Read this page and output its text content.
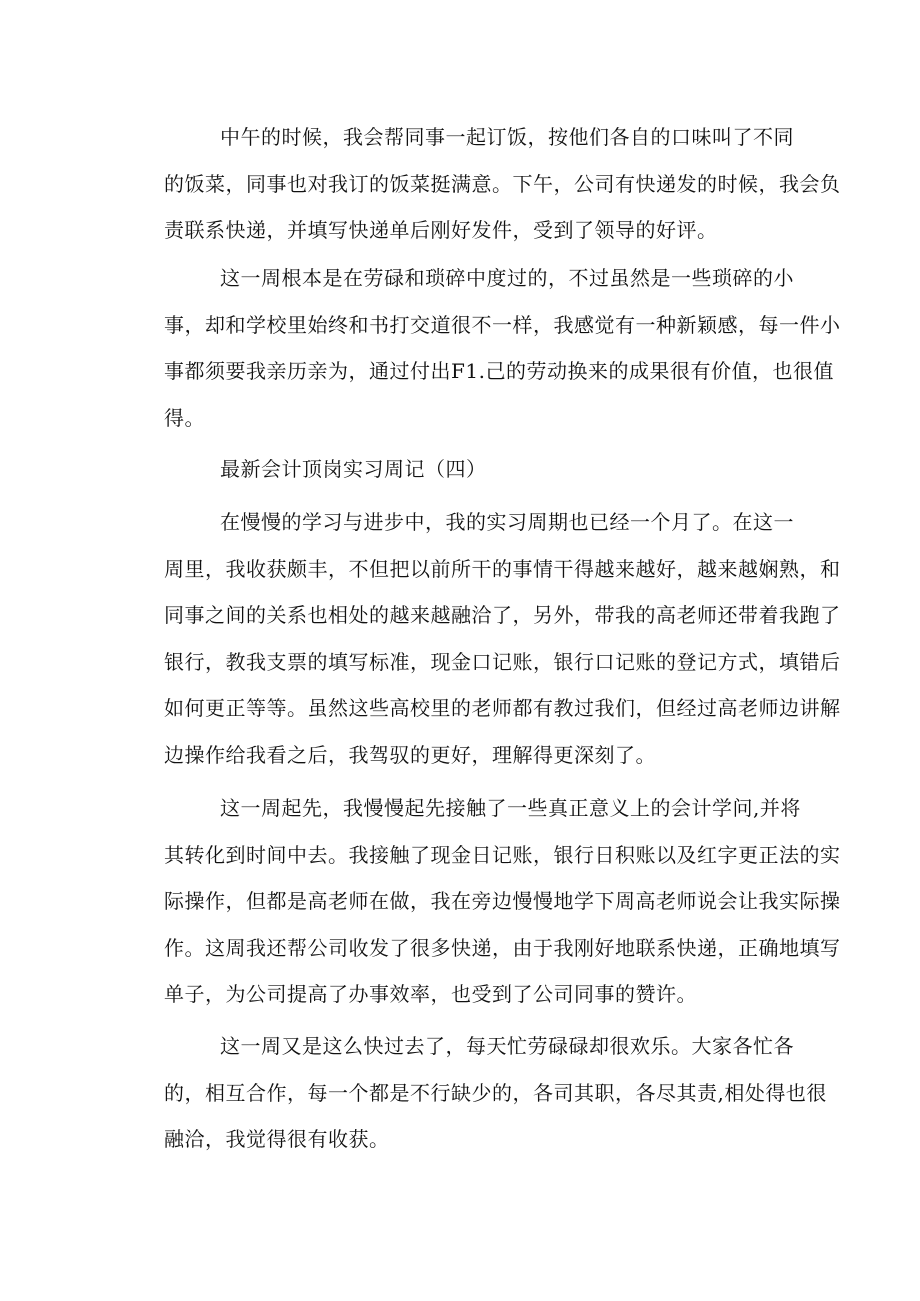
中午的时候，我会帮同事一起订饭，按他们各自的口味叫了不同
的饭菜，同事也对我订的饭菜挺满意。下午，公司有快递发的时候，我会负
责联系快递，并填写快递单后刚好发件，受到了领导的好评。
这一周根本是在劳碌和琐碎中度过的，不过虽然是一些琐碎的小
事，却和学校里始终和书打交道很不一样，我感觉有一种新颖感，每一件小
事都须要我亲历亲为，通过付出F1.己的劳动换来的成果很有价值，也很值
得。
最新会计顶岗实习周记（四）
在慢慢的学习与进步中，我的实习周期也已经一个月了。在这一
周里，我收获颇丰，不但把以前所干的事情干得越来越好，越来越娴熟，和
同事之间的关系也相处的越来越融洽了，另外，带我的高老师还带着我跑了
银行，教我支票的填写标准，现金口记账，银行口记账的登记方式，填错后
如何更正等等。虽然这些高校里的老师都有教过我们，但经过高老师边讲解
边操作给我看之后，我驾驭的更好，理解得更深刻了。
这一周起先，我慢慢起先接触了一些真正意义上的会计学问,并将
其转化到时间中去。我接触了现金日记账，银行日积账以及红字更正法的实
际操作，但都是高老师在做，我在旁边慢慢地学下周高老师说会让我实际操
作。这周我还帮公司收发了很多快递，由于我刚好地联系快递，正确地填写
单子，为公司提高了办事效率，也受到了公司同事的赞许。
这一周又是这么快过去了，每天忙劳碌碌却很欢乐。大家各忙各
的，相互合作，每一个都是不行缺少的，各司其职，各尽其责,相处得也很
融洽，我觉得很有收获。
